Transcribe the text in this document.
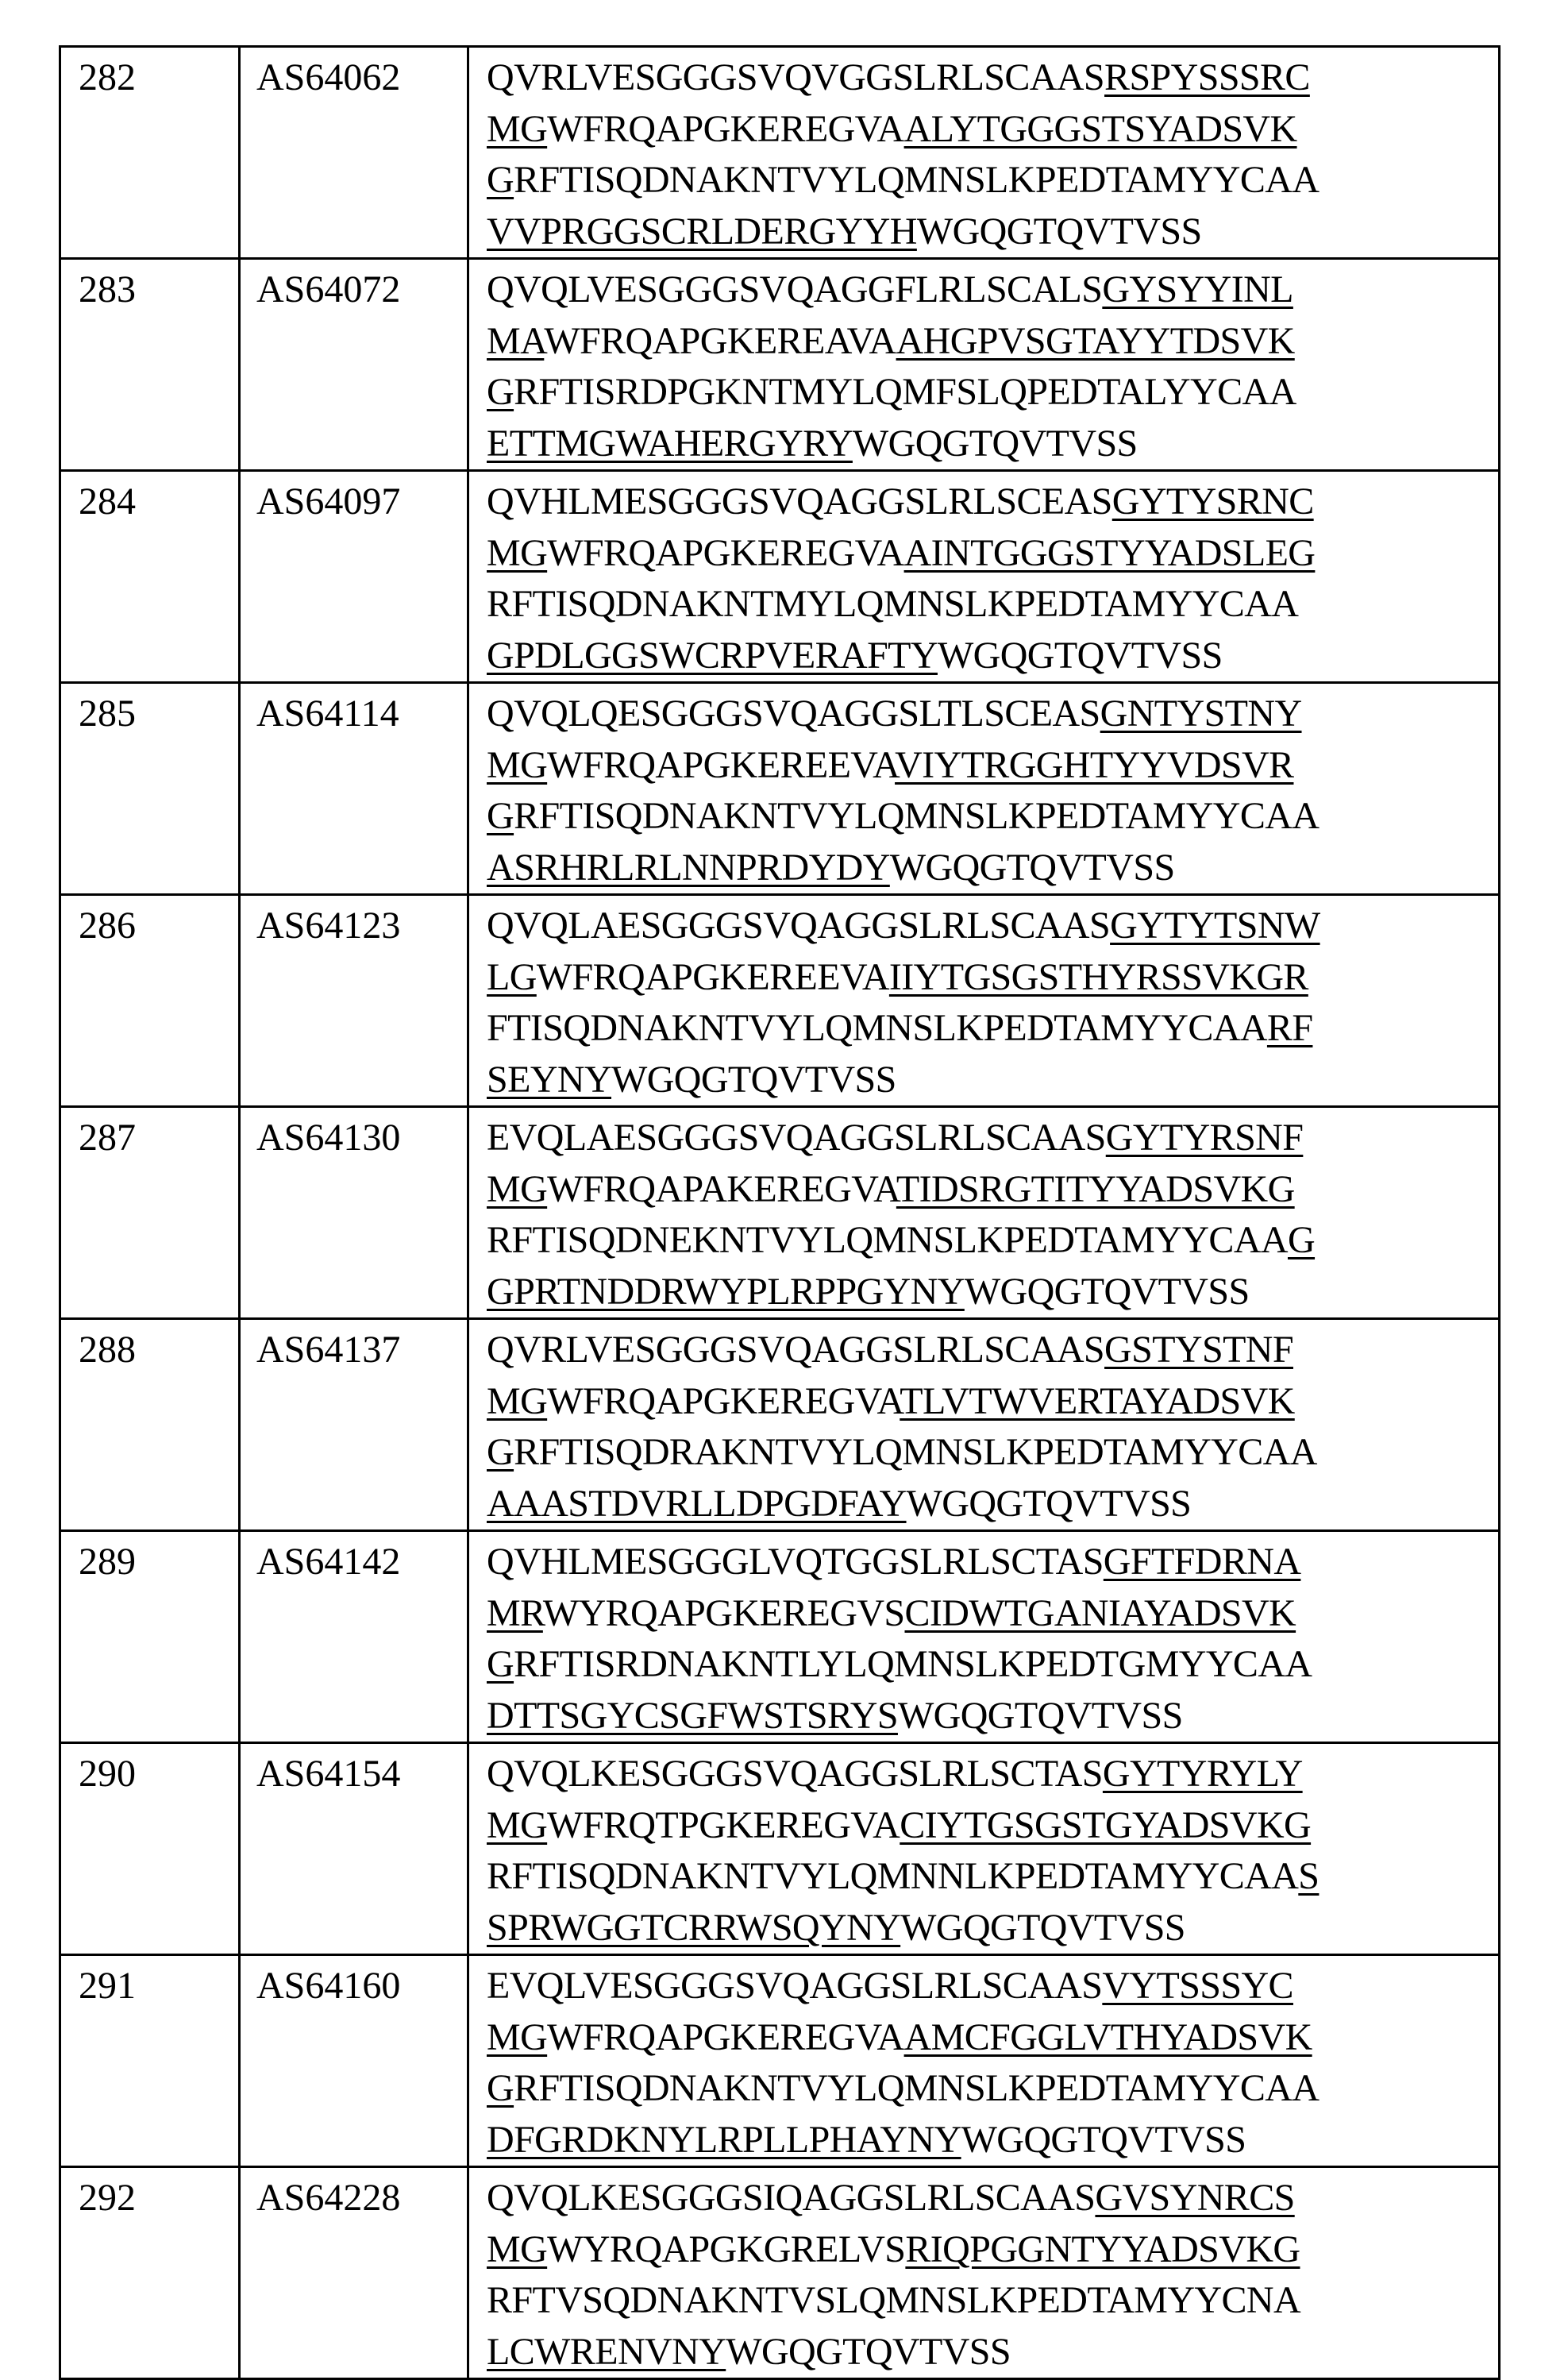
282	AS64062	QVRLVESGGGSVQVGGSLRLSCAASRSPYSSSRC
MGWFRQAPGKEREGVAALYTGGGSTSYADSVK
GRFTISQDNAKNTVYLQMNSLKPEDTAMYYCAA
VVPRGGSCRLDERGYYHWGQGTQVTVSS

283	AS64072	QVQLVESGGGSVQAGGFLRLSCALSGYSYYINL
MAWFRQAPGKEREAVAAHGPVSGTAYYTDSVK
GRFTISRDPGKNTMYLQMFSLQPEDTALYYCAA
ETTMGWAHERGYRYWGQGTQVTVSS

284	AS64097	QVHLMESGGGSVQAGGSLRLSCEASGYTYSRNC
MGWFRQAPGKEREGVAAINTGGGSTYYADSLEG
RFTISQDNAKNTMYLQMNSLKPEDTAMYYCAA
GPDLGGSWCRPVERAFTYWGQGTQVTVSS

285	AS64114	QVQLQESGGGSVQAGGSLTLSCEASGNTYSTNY
MGWFRQAPGKEREEVAVIYTRGGHTYYVDSVR
GRFTISQDNAKNTVYLQMNSLKPEDTAMYYCAA
ASRHRLRLNNPRDYDYWGQGTQVTVSS

286	AS64123	QVQLAESGGGSVQAGGSLRLSCAASGYTYTSNW
LGWFRQAPGKEREEVAIIYTGSGSTHYRSSVKGR
FTISQDNAKNTVYLQMNSLKPEDTAMYYCAARF
SEYNYWGQGTQVTVSS

287	AS64130	EVQLAESGGGSVQAGGSLRLSCAASGYTYRSNF
MGWFRQAPAKEREGVATIDSRGTITYYADSVKG
RFTISQDNEKNTVYLQMNSLKPEDTAMYYCAAG
GPRTNDDRWYPLRPPGYNYWGQGTQVTVSS

288	AS64137	QVRLVESGGGSVQAGGSLRLSCAASGSTYSTNF
MGWFRQAPGKEREGVATLVTWVERTAYADSVK
GRFTISQDRAKNTVYLQMNSLKPEDTAMYYCAA
AAASTDVRLLDPGDFAYWGQGTQVTVSS

289	AS64142	QVHLMESGGGLVQTGGSLRLSCTASGFTFDRNA
MRWYRQAPGKEREGVSCIDWTGANIAYADSVK
GRFTISRDNAKNTLYLQMNSLKPEDTGMYYCAA
DTTSGYCSGFWSTSRYSWGQGTQVTVSS

290	AS64154	QVQLKESGGGSVQAGGSLRLSCTASGYTYRYLY
MGWFRQTPGKEREGVACIYTGSGSTGYADSVKG
RFTISQDNAKNTVYLQMNNLKPEDTAMYYCAAS
SPRWGGTCRRWSQYNYWGQGTQVTVSS

291	AS64160	EVQLVESGGGSVQAGGSLRLSCAASVYTSSSYC
MGWFRQAPGKEREGVAAMCFGGLVTHYADSVK
GRFTISQDNAKNTVYLQMNSLKPEDTAMYYCAA
DFGRDKNYLRPLLPHAYNYWGQGTQVTVSS

292	AS64228	QVQLKESGGGSIQAGGSLRLSCAASGVSYNRCS
MGWYRQAPGKGRELVSRIQPGGNTYYADSVKG
RFTVSQDNAKNTVSLQMNSLKPEDTAMYYCNA
LCWRENVNYWGQGTQVTVSS
